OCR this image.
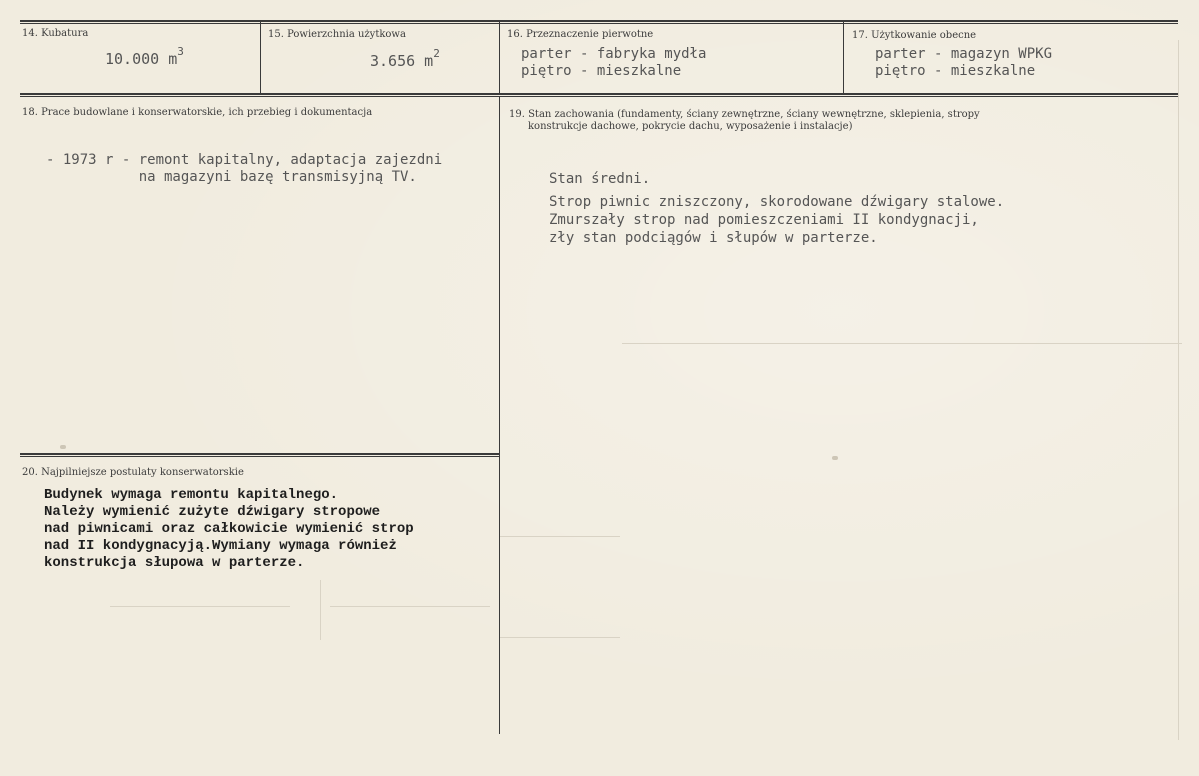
14. Kubatura
10.000 $m^3$
15. Powierzchnia użytkowa
3.656 $m^2$
16. Przeznaczenie pierwotne
parter - fabryka mydła
piętro - mieszkalne
17. Użytkowanie obecne
parter - magazyn WPKG
piętro - mieszkalne
18. Prace budowlane i konserwatorskie, ich przebieg i dokumentacja
- 1973 r - remont kapitalny, adaptacja zajezdni
na magazyni bazę transmisyjną TV.
19. Stan zachowania (fundamenty, ściany zewnętrzne, ściany wewnętrzne, sklepienia, stropy
konstrukcje dachowe, pokrycie dachu, wyposażenie i instalacje)
Stan średni.
Strop piwnic zniszczony, skorodowane dźwigary stalowe.
Zmurszały strop nad pomieszczeniami II kondygnacji,
zły stan podciągów i słupów w parterze.
20. Najpilniejsze postulaty konserwatorskie
Budynek wymaga remontu kapitalnego.
Należy wymienić zużyte dźwigary stropowe
nad piwnicami oraz całkowicie wymienić strop
nad II kondygnacyją.Wymiany wymaga również
konstrukcja słupowa w parterze.
